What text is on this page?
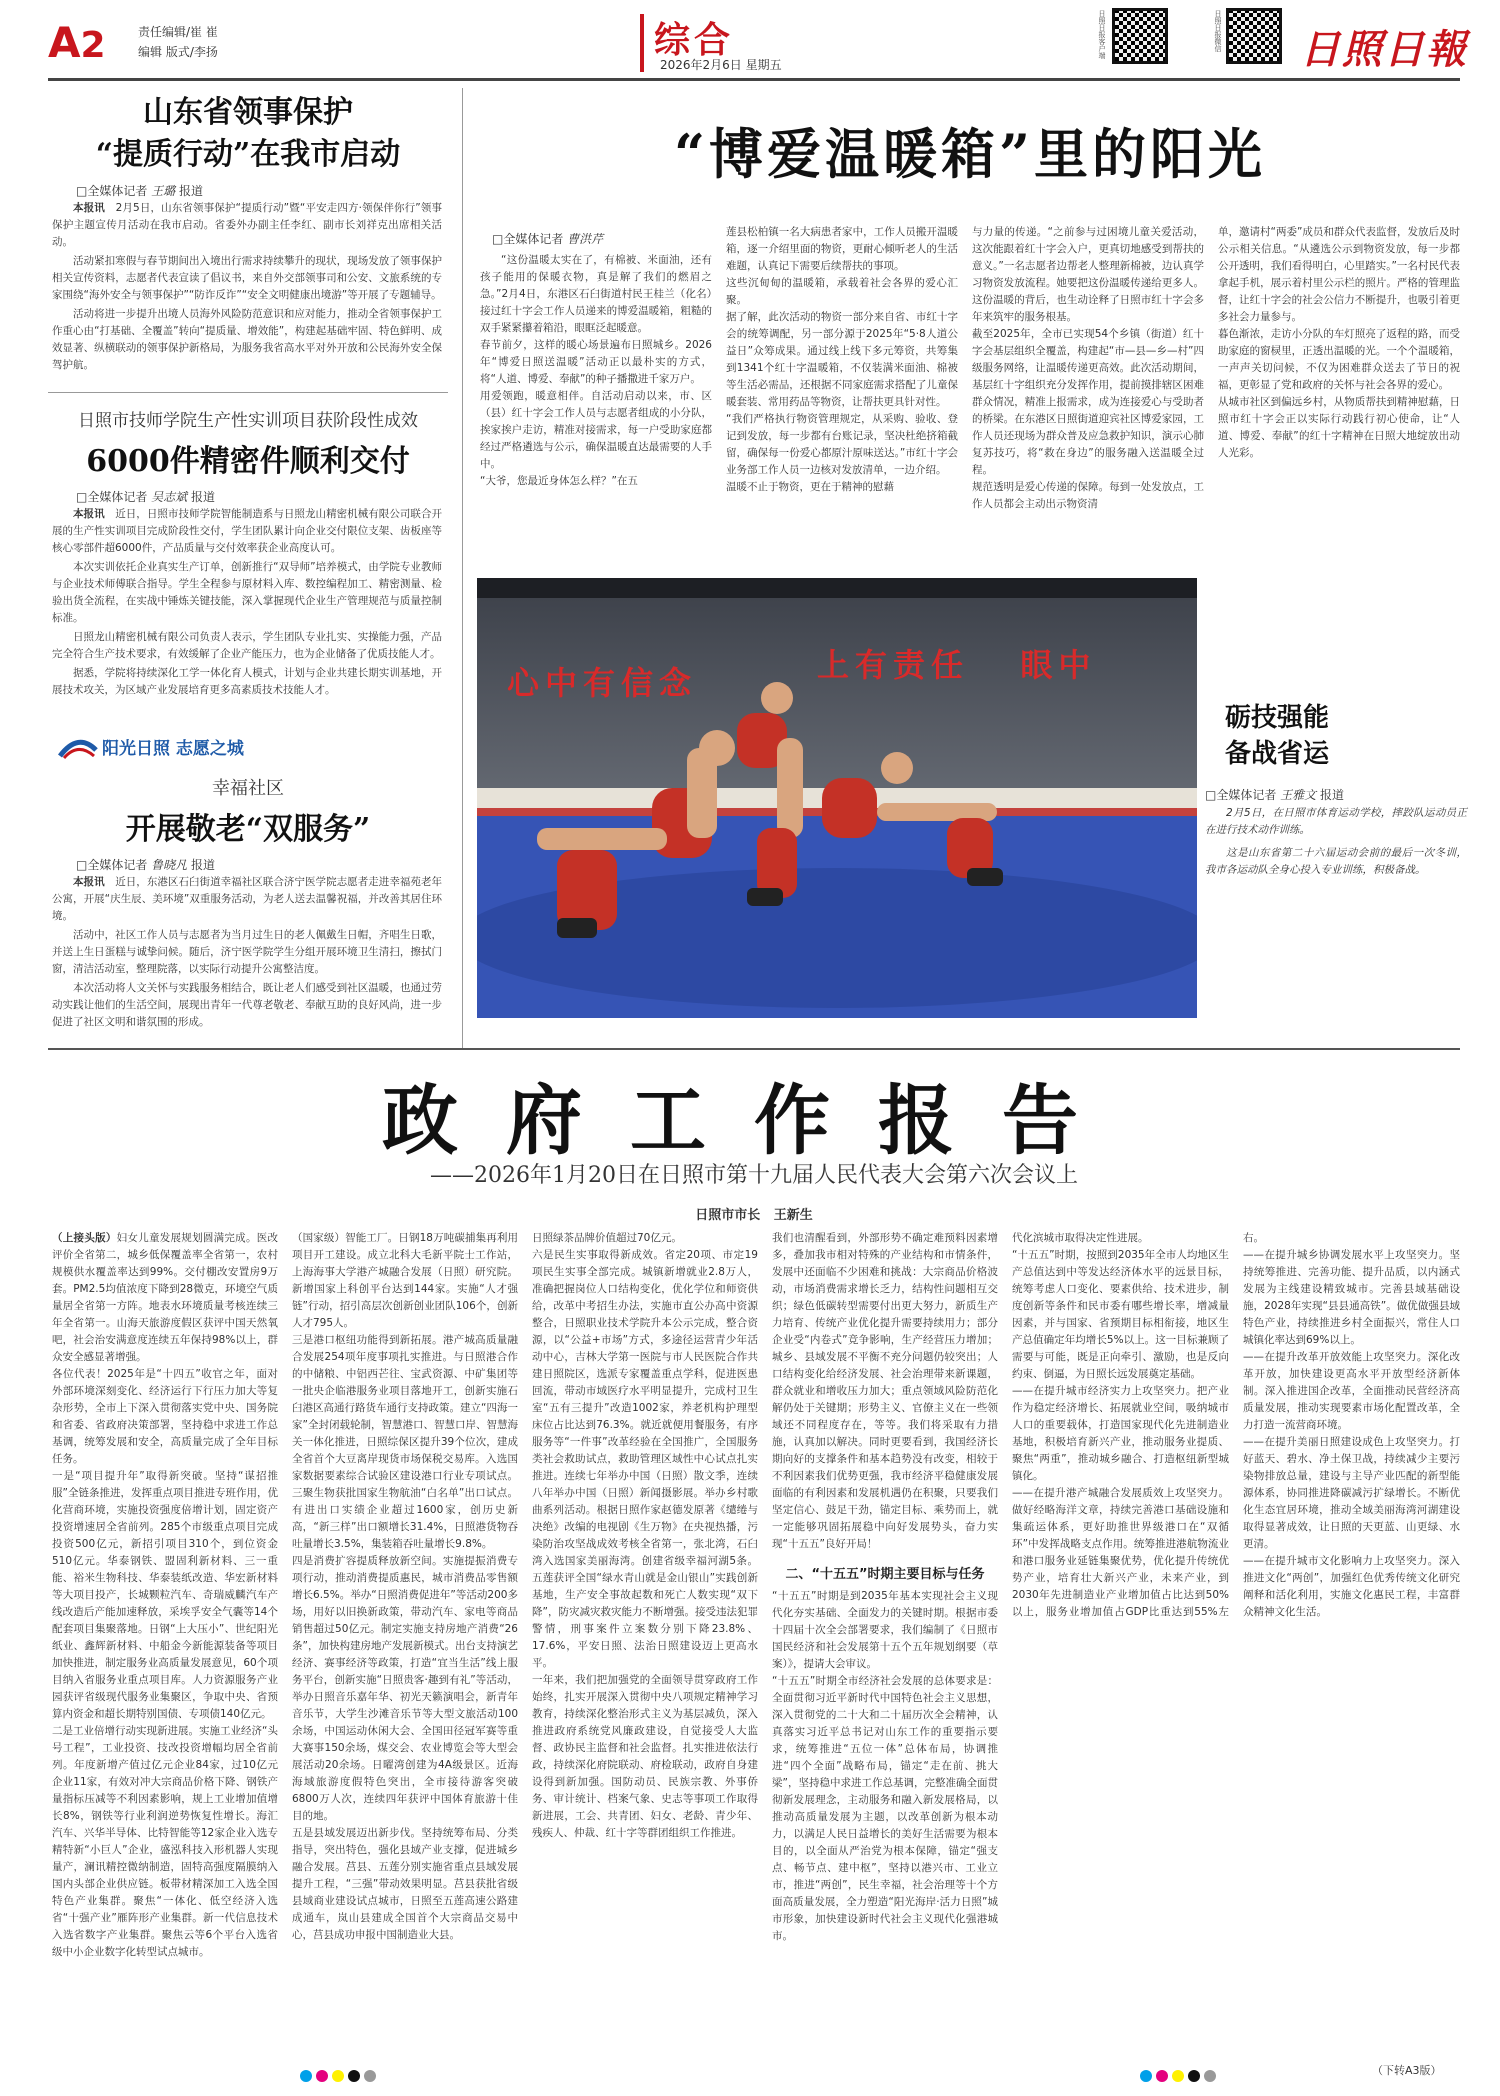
A2	责任编辑/崔 崔
编辑 版式/李扬	综合
2026年2月6日 星期五
日照日报客户端	日照日报微信 日照日報
山东省领事保护
“提质行动”在我市启动
□全媒体记者 王璐 报道

本报讯　 2月5日，山东省领事保护“提质行动”暨“平安走四方·领保伴你行”领事保护主题宣传月活动在我市启动。省委外办副主任李红、副市长刘祥克出席相关活动。

活动紧扣寒假与春节期间出入境出行需求持续攀升的现状，现场发放了领事保护相关宣传资料，志愿者代表宣读了倡议书，来自外交部领事司和公安、文旅系统的专家围绕“海外安全与领事保护”“防诈反诈”“安全文明健康出境游”等开展了专题辅导。

活动将进一步提升出境人员海外风险防范意识和应对能力，推动全省领事保护工作重心由“打基础、全覆盖”转向“提质量、增效能”，构建起基础牢固、特色鲜明、成效显著、纵横联动的领事保护新格局，为服务我省高水平对外开放和公民海外安全保驾护航。

日照市技师学院生产性实训项目获阶段性成效
6000件精密件顺利交付
□全媒体记者 吴志斌 报道

本报讯　 近日，日照市技师学院智能制造系与日照龙山精密机械有限公司联合开展的生产性实训项目完成阶段性交付，学生团队累计向企业交付限位支架、齿板座等核心零部件超6000件，产品质量与交付效率获企业高度认可。

本次实训依托企业真实生产订单，创新推行“双导师”培养模式，由学院专业教师与企业技术师傅联合指导。学生全程参与原材料入库、数控编程加工、精密测量、检验出货全流程，在实战中锤炼关键技能，深入掌握现代企业生产管理规范与质量控制标准。

日照龙山精密机械有限公司负责人表示，学生团队专业扎实、实操能力强，产品完全符合生产技术要求，有效缓解了企业产能压力，也为企业储备了优质技能人才。

据悉，学院将持续深化工学一体化育人模式，计划与企业共建长期实训基地，开展技术攻关，为区域产业发展培育更多高素质技术技能人才。

阳光日照 志愿之城
幸福社区
开展敬老“双服务”
□全媒体记者 鲁晓凡 报道

本报讯　 近日，东港区石臼街道幸福社区联合济宁医学院志愿者走进幸福苑老年公寓，开展“庆生辰、美环境”双重服务活动，为老人送去温馨祝福，并改善其居住环境。

活动中，社区工作人员与志愿者为当月过生日的老人佩戴生日帽，齐唱生日歌，并送上生日蛋糕与诚挚问候。随后，济宁医学院学生分组开展环境卫生清扫，擦拭门窗，清洁活动室，整理院落，以实际行动提升公寓整洁度。

本次活动将人文关怀与实践服务相结合，既让老人们感受到社区温暖，也通过劳动实践让他们的生活空间，展现出青年一代尊老敬老、奉献互助的良好风尚，进一步促进了社区文明和谐氛围的形成。

“博爱温暖箱”里的阳光
□全媒体记者 曹洪芹
“这份温暖太实在了，有棉被、米面油，还有孩子能用的保暖衣物，真是解了我们的燃眉之急。”2月4日，东港区石臼街道村民王桂兰（化名）接过红十字会工作人员递来的博爱温暖箱，粗糙的双手紧紧攥着箱沿，眼眶泛起暖意。
春节前夕，这样的暖心场景遍布日照城乡。2026年“博爱日照送温暖”活动正以最朴实的方式，将“人道、博爱、奉献”的种子播撒进千家万户。
用爱领跑，暖意相伴。自活动启动以来，市、区（县）红十字会工作人员与志愿者组成的小分队，挨家挨户走访，精准对接需求，每一户受助家庭都经过严格遴选与公示，确保温暖直达最需要的人手中。
“大爷，您最近身体怎么样？”在五
莲县松柏镇一名大病患者家中，工作人员搬开温暖箱，逐一介绍里面的物资，更耐心倾听老人的生活难题，认真记下需要后续帮扶的事项。
这些沉甸甸的温暖箱，承载着社会各界的爱心汇聚。
据了解，此次活动的物资一部分来自省、市红十字会的统筹调配，另一部分源于2025年“5·8人道公益日”众筹成果。通过线上线下多元筹资，共筹集到1341个红十字温暖箱，不仅装满米面油、棉被等生活必需品，还根据不同家庭需求搭配了儿童保暖套装、常用药品等物资，让帮扶更具针对性。
“我们严格执行物资管理规定，从采购、验收、登记到发放，每一步都有台账记录，坚决杜绝挤箱截留，确保每一份爱心都原汁原味送达。”市红十字会业务部工作人员一边核对发放清单，一边介绍。
温暖不止于物资，更在于精神的慰藉
与力量的传递。“之前参与过困境儿童关爱活动，这次能跟着红十字会入户，更真切地感受到帮扶的意义。”一名志愿者边帮老人整理新棉被，边认真学习物资发放流程。她要把这份温暖传递给更多人。这份温暖的背后，也生动诠释了日照市红十字会多年来筑牢的服务根基。
截至2025年，全市已实现54个乡镇（街道）红十字会基层组织全覆盖，构建起“市—县—乡—村”四级服务网络，让温暖传递更高效。此次活动期间，基层红十字组织充分发挥作用，提前摸排辖区困难群众情况，精准上报需求，成为连接爱心与受助者的桥梁。在东港区日照街道迎宾社区博爱家园，工作人员还现场为群众普及应急救护知识，演示心肺复苏技巧，将“救在身边”的服务融入送温暖全过程。
规范透明是爱心传递的保障。每到一处发放点，工作人员都会主动出示物资清
单，邀请村“两委”成员和群众代表监督，发放后及时公示相关信息。“从遴选公示到物资发放，每一步都公开透明，我们看得明白，心里踏实。”一名村民代表拿起手机，展示着村里公示栏的照片。严格的管理监督，让红十字会的社会公信力不断提升，也吸引着更多社会力量参与。
暮色渐浓，走访小分队的车灯照亮了返程的路，而受助家庭的窗棂里，正透出温暖的光。一个个温暖箱，一声声关切问候，不仅为困难群众送去了节日的祝福，更彰显了党和政府的关怀与社会各界的爱心。
从城市社区到偏远乡村，从物质帮扶到精神慰藉，日照市红十字会正以实际行动践行初心使命，让“人道、博爱、奉献”的红十字精神在日照大地绽放出动人光彩。
心中有信念	上有责任   眼中
砺技强能
备战省运
□全媒体记者 王雅文 报道
2月5日，在日照市体育运动学校，摔跤队运动员正在进行技术动作训练。
这是山东省第二十六届运动会前的最后一次冬训，我市各运动队全身心投入专业训练，积极备战。
政府工作报告
——2026年1月20日在日照市第十九届人民代表大会第六次会议上
日照市市长   王新生
（上接头版）妇女儿童发展规划圆满完成。医改评价全省第二，城乡低保覆盖率全省第一，农村规模供水覆盖率达到99%。交付棚改安置房9万套。PM2.5均值浓度下降到28微克，环境空气质量居全省第一方阵。地表水环境质量考核连续三年全省第一。山海天旅游度假区获评中国天然氧吧，社会治安满意度连续五年保持98%以上，群众安全感显著增强。
各位代表！2025年是“十四五”收官之年，面对外部环境深刻变化、经济运行下行压力加大等复杂形势，全市上下深入贯彻落实党中央、国务院和省委、省政府决策部署，坚持稳中求进工作总基调，统筹发展和安全，高质量完成了全年目标任务。
一是“项目提升年”取得新突破。坚持“谋招推服”全链条推进，发挥重点项目推进专班作用，优化营商环境，实施投资强度倍增计划，固定资产投资增速居全省前列。285个市级重点项目完成投资500亿元，新招引项目310个，到位资金510亿元。华泰钢铁、盟固利新材料、三一重能、裕米生物科技、华泰装纸改造、华宏新材料等大项目投产，长城颗粒汽车、奇瑞威麟汽车产线改造后产能加速释放，采埃孚安全气囊等14个配套项目集聚落地。日钢“上大压小”、世纪阳光纸业、鑫辉新材料、中船金今新能源装备等项目加快推进，制定服务业高质量发展意见，60个项目纳入省服务业重点项目库。人力资源服务产业园获评省级现代服务业集聚区，争取中央、省预算内资金和超长期特别国债、专项债140亿元。
二是工业倍增行动实现新进展。实施工业经济“头号工程”，工业投资、技改投资增幅均居全省前列。年度新增产值过亿元企业84家，过10亿元企业11家，有效对冲大宗商品价格下降、钢铁产量指标压减等不利因素影响，规上工业增加值增长8%，钢铁等行业利润逆势恢复性增长。海汇汽车、兴华半导体、比特智能等12家企业入选专精特新“小巨人”企业，盛泓科技入形机器人实现量产，澜讯精控微纳制造，固特高强度隔膜纳入国内头部企业供应链。板带材精深加工入选全国特色产业集群。聚焦“一体化、低空经济入选省“十强产业”雁阵形产业集群。新一代信息技术入选省数字产业集群。聚焦云等6个平台入选省级中小企业数字化转型试点城市。
（国家级）智能工厂。日钢18万吨碳捕集再利用项目开工建设。成立北科大毛新平院士工作站，上海海事大学港产城融合发展（日照）研究院。新增国家上科创平台达到144家。实施“人才强链”行动，招引高层次创新创业团队106个，创新人才795人。
三是港口枢纽功能得到新拓展。港产城高质量融合发展254项年度事项扎实推进。与日照港合作的中储粮、中铝西芒往、宝武资源、中矿集团等一批央企临港服务业项目落地开工，创新实施石臼港区高通行路货车通行支持政策。建立“四海一家”全封闭载轮制，智慧港口、智慧口岸、智慧海关一体化推进，日照综保区提升39个位次，建成全省首个大豆离岸现货市场保税交易库。入选国家数据要素综合试验区建设港口行业专项试点。三聚生物获批国家生物航油“白名单”出口试点。有进出口实绩企业超过1600家，创历史新高，“新三样”出口额增长31.4%，日照港货物吞吐量增长3.5%，集装箱吞吐量增长9.8%。
四是消费扩容提质释放新空间。实施提振消费专项行动，推动消费提质惠民，城市消费品零售额增长6.5%。举办“日照消费促进年”等活动200多场，用好以旧换新政策，带动汽车、家电等商品销售超过50亿元。制定实施支持房地产消费“26条”，加快构建房地产发展新模式。出台支持演艺经济、赛事经济等政策，打造“宜当生活”线上服务平台，创新实施“日照贵客·趣到有礼”等活动，举办日照音乐嘉年华、初光天籁演唱会，新青年音乐节，大学生沙滩音乐节等大型文旅活动100余场，中国运动休闲大会、全国田径冠军赛等重大赛事150余场，煤交会、农业博览会等大型会展活动20余场。日曜湾创建为4A级景区。近海海域旅游度假特色突出，全市接待游客突破6800万人次，连续四年获评中国体育旅游十佳目的地。
五是县域发展迈出新步伐。坚持统筹布局、分类指导，突出特色，强化县域产业支撑，促进城乡融合发展。莒县、五莲分别实施省重点县域发展提升工程，“三强”带动效果明显。莒县获批省级县域商业建设试点城市，日照至五莲高速公路建成通车，岚山县建成全国首个大宗商品交易中心，莒县成功申报中国制造业大县。
日照绿茶品牌价值超过70亿元。
六是民生实事取得新成效。省定20项、市定19项民生实事全部完成。城镇新增就业2.8万人，准确把握岗位人口结构变化，优化学位和师资供给，改革中考招生办法，实施市直公办高中资源整合，日照职业技术学院升本公示完成，整合资源，以“公益+市场”方式，多途径运营青少年活动中心，吉林大学第一医院与市人民医院合作共建日照院区，选派专家覆盖重点学科，促进医患回流，带动市域医疗水平明显提升，完成村卫生室“五有三提升”改造1002家，养老机构护理型床位占比达到76.3%。就近就便用餐服务，有序服务等“一件事”改革经验在全国推广，全国服务类社会救助试点，救助管理区域性中心试点扎实推进。连续七年举办中国（日照）散文季，连续八年举办中国（日照）新闻摄影展。举办乡村歌曲系列活动。根据日照作家赵德发原著《缱绻与决绝》改编的电视剧《生万物》在央视热播，污染防治攻坚战成效考核全省第一，张北湾，石臼湾入选国家美丽海湾。创建省级幸福河湖5条。五莲获评全国“绿水青山就是金山银山”实践创新基地，生产安全事故起数和死亡人数实现“双下降”，防灾减灾救灾能力不断增强。接受违法犯罪警情，刑事案件立案数分别下降23.8%、17.6%，平安日照、法治日照建设迈上更高水平。
一年来，我们把加强党的全面领导贯穿政府工作始终，扎实开展深入贯彻中央八项规定精神学习教育，持续深化整治形式主义为基层减负，深入推进政府系统党风廉政建设，自觉接受人大监督、政协民主监督和社会监督。扎实推进依法行政，持续深化府院联动、府检联动，政府自身建设得到新加强。国防动员、民族宗教、外事侨务、审计统计、档案气象、史志等事项工作取得新进展，工会、共青团、妇女、老龄、青少年、残疾人、仲裁、红十字等群团组织工作推进。
我们也清醒看到，外部形势不确定难预料因素增多，叠加我市相对特殊的产业结构和市情条件，发展中还面临不少困难和挑战：大宗商品价格波动，市场消费需求增长乏力，结构性问题相互交织；绿色低碳转型需要付出更大努力，新质生产力培育、传统产业优化提升需要持续用力；部分企业受“内卷式”竞争影响，生产经营压力增加；城乡、县域发展不平衡不充分问题仍较突出；人口结构变化给经济发展、社会治理带来新课题，群众就业和增收压力加大；重点领域风险防范化解仍处于关键期；形势主义、官僚主义在一些领域还不同程度存在，等等。我们将采取有力措施，认真加以解决。同时更要看到，我国经济长期向好的支撑条件和基本趋势没有改变，相较于不利因素我们优势更强，我市经济平稳健康发展面临的有利因素和发展机遇仍在积聚，只要我们坚定信心、鼓足干劲，锚定目标、乘势而上，就一定能够巩固拓展稳中向好发展势头，奋力实现“十五五”良好开局！
二、“十五五”时期主要目标与任务
“十五五”时期是到2035年基本实现社会主义现代化夯实基础、全面发力的关键时期。根据市委十四届十次全会部署要求，我们编制了《日照市国民经济和社会发展第十五个五年规划纲要（草案）》，提请大会审议。
“十五五”时期全市经济社会发展的总体要求是：全面贯彻习近平新时代中国特色社会主义思想，深入贯彻党的二十大和二十届历次全会精神，认真落实习近平总书记对山东工作的重要指示要求，统筹推进“五位一体”总体布局，协调推进“四个全面”战略布局，锚定“走在前、挑大梁”，坚持稳中求进工作总基调，完整准确全面贯彻新发展理念，主动服务和融入新发展格局，以推动高质量发展为主题，以改革创新为根本动力，以满足人民日益增长的美好生活需要为根本目的，以全面从严治党为根本保障，锚定“强支点、畅节点、建中枢”，坚持以港兴市、工业立市，推进“两创”，民生幸福，社会治理等十个方面高质量发展，全力塑造“阳光海岸·活力日照”城市形象，加快建设新时代社会主义现代化强港城市。
代化滨城市取得决定性进展。
“十五五”时期，按照到2035年全市人均地区生产总值达到中等发达经济体水平的远景目标，统筹考虑人口变化、要素供给、技术进步，制度创新等条件和民市委有哪些增长率，增减量因素，并与国家、省预期目标相衔接，地区生产总值确定年均增长5%以上。这一目标兼顾了需要与可能，既是正向牵引、激励，也是反向约束、倒逼，为日照长远发展奠定基础。
——在提升城市经济实力上攻坚突力。把产业作为稳定经济增长、拓展就业空间，吸纳城市人口的重要载体，打造国家现代化先进制造业基地，积极培育新兴产业，推动服务业提质、聚焦“两重”，推动城乡融合、打造枢纽新型城镇化。
——在提升港产城融合发展质效上攻坚突力。做好经略海洋文章，持续完善港口基础设施和集疏运体系，更好助推世界级港口在“双循环”中发挥战略支点作用。统筹推进港航物流业和港口服务业延链集聚优势，优化提升传统优势产业，培育壮大新兴产业，未来产业，到2030年先进制造业产业增加值占比达到50%以上，服务业增加值占GDP比重达到55%左右。
——在提升城乡协调发展水平上攻坚突力。坚持统筹推进、完善功能、提升品质，以内涵式发展为主线建设精致城市。完善县域基础设施，2028年实现“县县通高铁”。做优做强县域特色产业，持续推进乡村全面振兴，常住人口城镇化率达到69%以上。
——在提升改革开放效能上攻坚突力。深化改革开放，加快建设更高水平开放型经济新体制。深入推进国企改革，全面推动民营经济高质量发展，推动实现要素市场化配置改革，全力打造一流营商环境。
——在提升美丽日照建设成色上攻坚突力。打好蓝天、碧水、净土保卫战，持续减少主要污染物排放总量，建设与主导产业匹配的新型能源体系，协同推进降碳减污扩绿增长。不断优化生态宜居环境，推动全域美丽海湾河湖建设取得显著成效，让日照的天更蓝、山更绿、水更清。
——在提升城市文化影响力上攻坚突力。深入推进文化“两创”，加强红色优秀传统文化研究阐释和活化利用，实施文化惠民工程，丰富群众精神文化生活。
（下转A3版）
